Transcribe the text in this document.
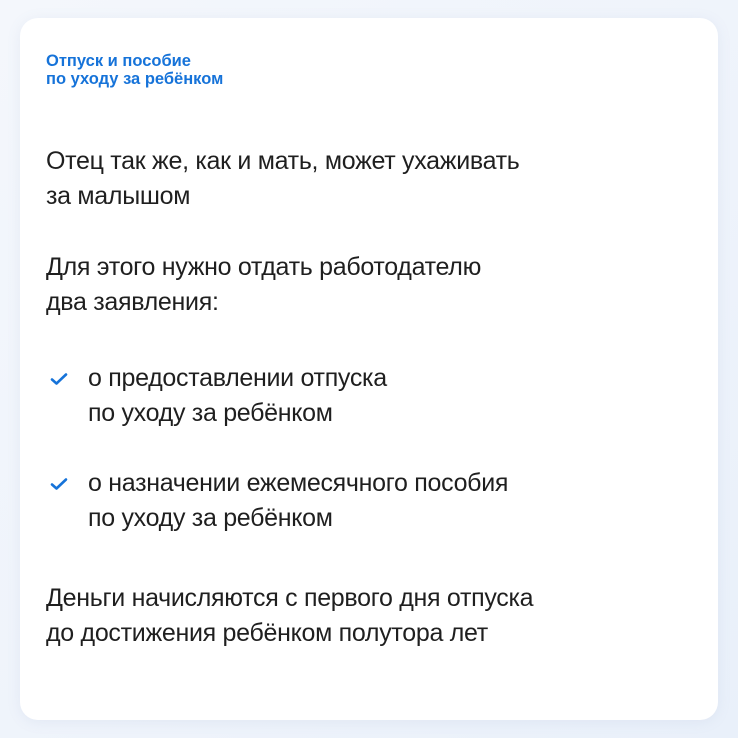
Отпуск и пособие
по уходу за ребёнком
Отец так же, как и мать, может ухаживать
за малышом
Для этого нужно отдать работодателю
два заявления:
о предоставлении отпуска
по уходу за ребёнком
о назначении ежемесячного пособия
по уходу за ребёнком
Деньги начисляются с первого дня отпуска
до достижения ребёнком полутора лет
